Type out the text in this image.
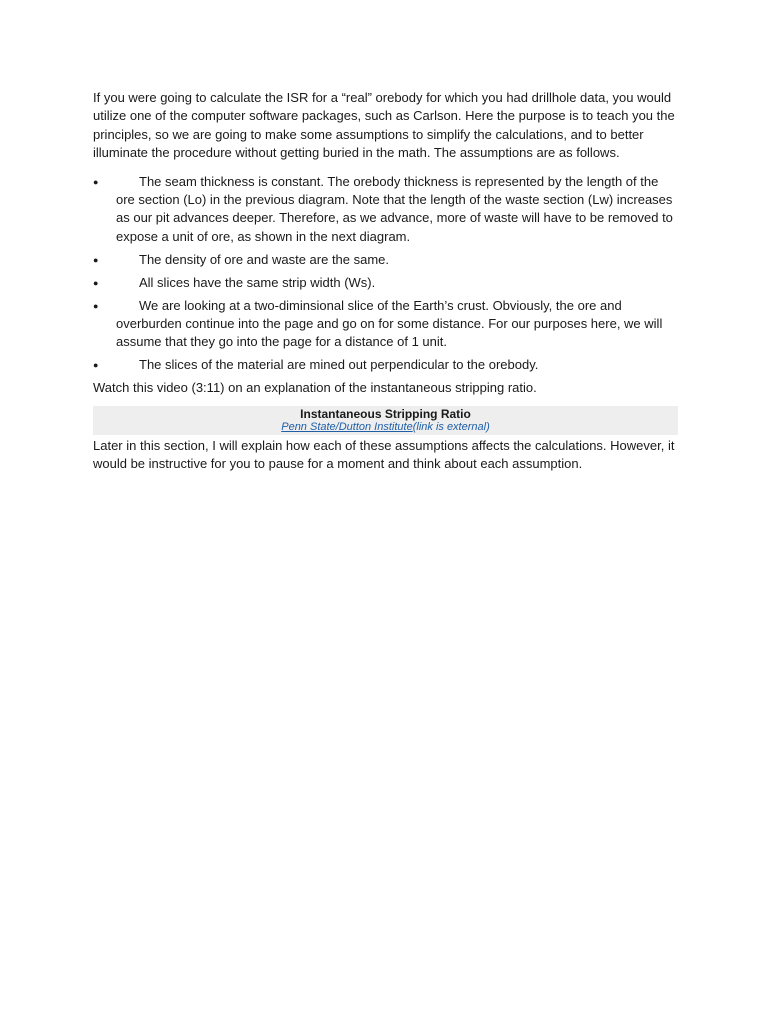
If you were going to calculate the ISR for a “real” orebody for which you had drillhole data, you would utilize one of the computer software packages, such as Carlson. Here the purpose is to teach you the principles, so we are going to make some assumptions to simplify the calculations, and to better illuminate the procedure without getting buried in the math. The assumptions are as follows.

●	The seam thickness is constant. The orebody thickness is represented by the length of the ore section (Lo) in the previous diagram. Note that the length of the waste section (Lw) increases as our pit advances deeper. Therefore, as we advance, more of waste will have to be removed to expose a unit of ore, as shown in the next diagram.
●	The density of ore and waste are the same.
●	All slices have the same strip width (Ws).
●	We are looking at a two-diminsional slice of the Earth’s crust. Obviously, the ore and overburden continue into the page and go on for some distance. For our purposes here, we will assume that they go into the page for a distance of 1 unit.
●	The slices of the material are mined out perpendicular to the orebody.

Watch this video (3:11) on an explanation of the instantaneous stripping ratio.

Instantaneous Stripping Ratio
Penn State/Dutton Institute(link is external)

Later in this section, I will explain how each of these assumptions affects the calculations. However, it would be instructive for you to pause for a moment and think about each assumption.
